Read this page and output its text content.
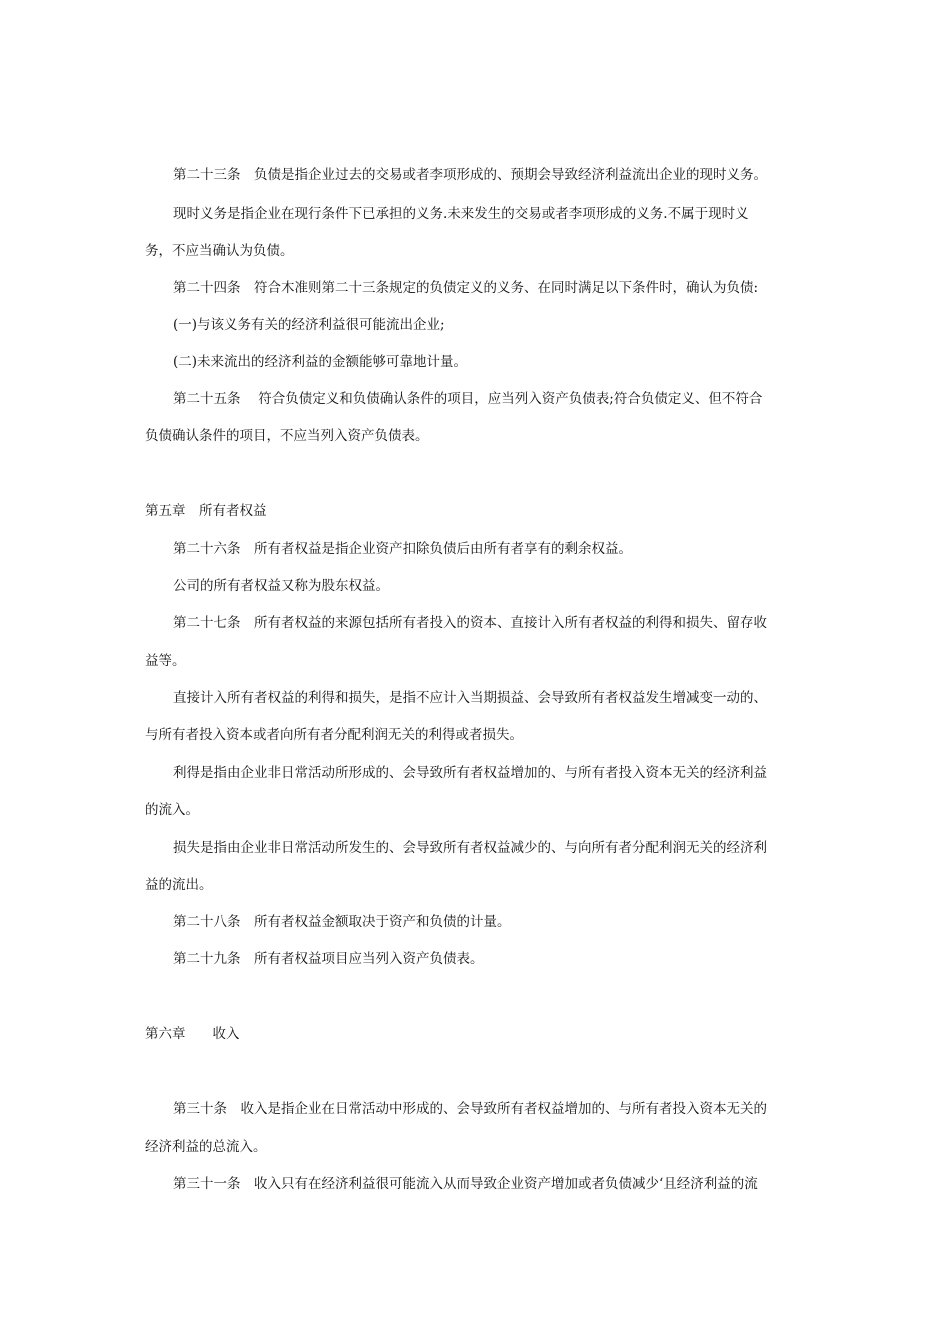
第二十三条　负债是指企业过去的交易或者李项形成的、预期会导致经济利益流出企业的现时义务。
现时义务是指企业在现行条件下已承担的义务.未来发生的交易或者李项形成的义务.不属于现时义
务，不应当确认为负债。
第二十四条　符合木准则第二十三条规定的负债定义的义务、在同时满足以下条件时，确认为负债:
(一)与该义务有关的经济利益很可能流出企业;
(二)未来流出的经济利益的金额能够可靠地计量。
第二十五条　 符合负债定义和负债确认条件的项目，应当列入资产负债表;符合负债定义、但不符合
负债确认条件的项目，不应当列入资产负债表。
第五章　所有者权益
第二十六条　所有者权益是指企业资产扣除负债后由所有者享有的剩余权益。
公司的所有者权益又称为股东权益。
第二十七条　所有者权益的来源包括所有者投入的资本、直接计入所有者权益的利得和损失、留存收
益等。
直接计入所有者权益的利得和损失，是指不应计入当期损益、会导致所有者权益发生增减变一动的、
与所有者投入资本或者向所有者分配利润无关的利得或者损失。
利得是指由企业非日常活动所形成的、会导致所有者权益增加的、与所有者投入资本无关的经济利益
的流入。
损失是指由企业非日常活动所发生的、会导致所有者权益减少的、与向所有者分配利润无关的经济利
益的流出。
第二十八条　所有者权益金额取决于资产和负债的计量。
第二十九条　所有者权益项目应当列入资产负债表。
第六章　　收入
第三十条　收入是指企业在日常活动中形成的、会导致所有者权益增加的、与所有者投入资本无关的
经济利益的总流入。
第三十一条　收入只有在经济利益很可能流入从而导致企业资产增加或者负债减少‘且经济利益的流
